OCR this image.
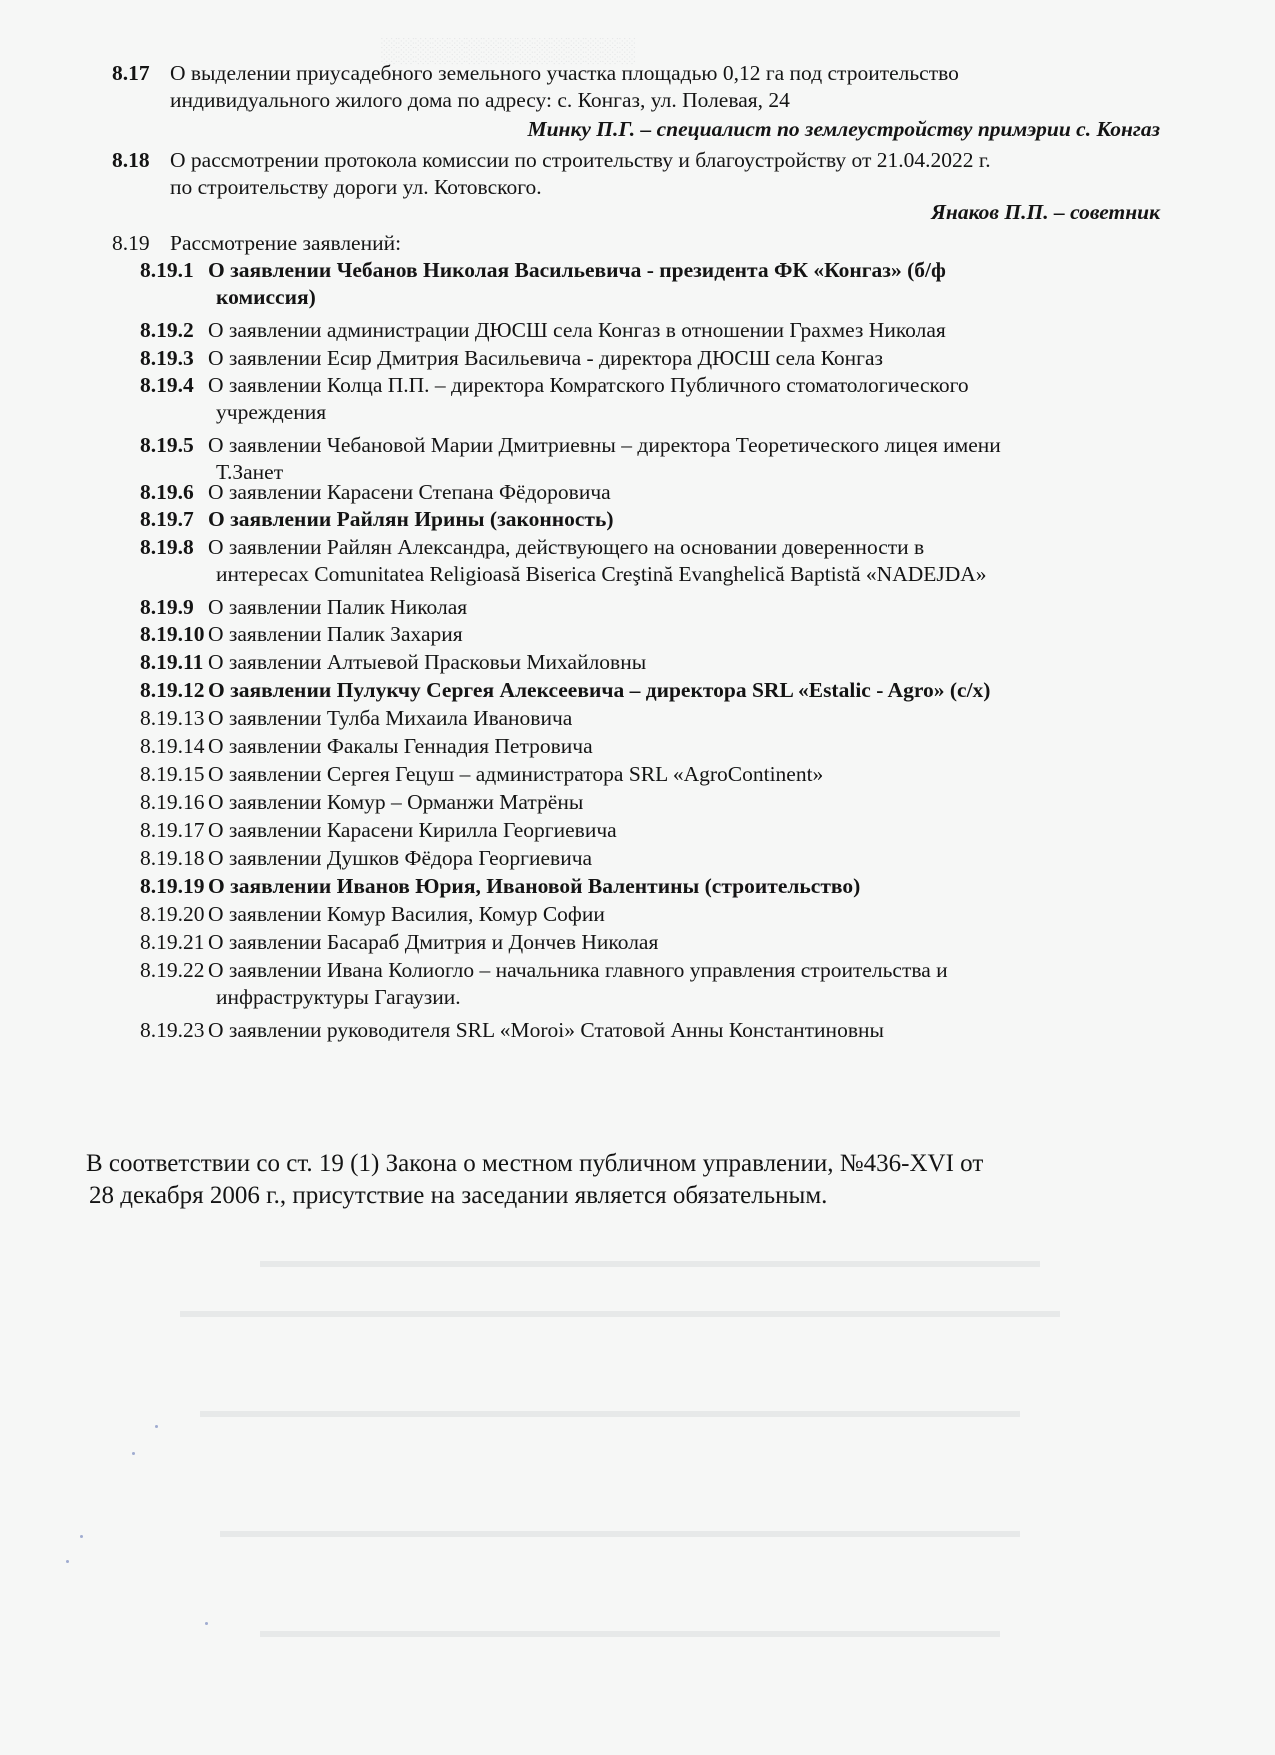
░░░░░░░░░░░░░░░
▬▬▬▬▬▬▬▬▬▬▬▬▬▬▬▬▬▬▬▬▬▬▬▬▬▬▬▬▬▬▬▬▬▬▬▬▬▬▬
▬▬▬▬▬▬▬▬▬▬▬▬▬▬▬▬▬▬▬▬▬▬▬▬▬▬▬▬▬▬▬▬▬▬▬▬▬▬▬▬▬▬▬▬
▬▬▬▬▬▬▬▬▬▬▬▬▬▬▬▬▬▬▬▬▬▬▬▬▬▬▬▬▬▬▬▬▬▬▬▬▬▬▬▬▬
▬▬▬▬▬▬▬▬▬▬▬▬▬▬▬▬▬▬▬▬▬▬▬▬▬▬▬▬▬▬▬▬▬▬▬▬▬▬▬▬
▬▬▬▬▬▬▬▬▬▬▬▬▬▬▬▬▬▬▬▬▬▬▬▬▬▬▬▬▬▬▬▬▬▬▬▬▬
8.17 О выделении приусадебного земельного участка площадью 0,12 га под строительство
индивидуального жилого дома по адресу: с. Конгаз, ул. Полевая, 24
Минку П.Г. – специалист по землеустройству примэрии с. Конгаз
8.18 О рассмотрении протокола комиссии по строительству и благоустройству от 21.04.2022 г.
по строительству дороги ул. Котовского.
Янаков П.П. – советник
8.19 Рассмотрение заявлений:
8.19.1 О заявлении Чебанов Николая Васильевича - президента ФК «Конгаз» (б/ф
комиссия)
8.19.2 О заявлении администрации ДЮСШ села Конгаз в отношении Грахмез Николая
8.19.3 О заявлении Есир Дмитрия Васильевича - директора ДЮСШ села Конгаз
8.19.4 О заявлении Колца П.П. – директора Комратского Публичного стоматологического
учреждения
8.19.5 О заявлении Чебановой Марии Дмитриевны – директора Теоретического лицея имени
Т.Занет
8.19.6 О заявлении Карасени Степана Фёдоровича
8.19.7 О заявлении Райлян Ирины (законность)
8.19.8 О заявлении Райлян Александра, действующего на основании доверенности в
интересах Comunitatea Religioasă Biserica Creştină Evanghelică Baptistă «NADEJDA»
8.19.9 О заявлении Палик Николая
8.19.10 О заявлении Палик Захария
8.19.11 О заявлении Алтыевой Прасковьи Михайловны
8.19.12 О заявлении Пулукчу Сергея Алексеевича – директора SRL «Estalic - Agro» (с/х)
8.19.13 О заявлении Тулба Михаила Ивановича
8.19.14 О заявлении Факалы Геннадия Петровича
8.19.15 О заявлении Сергея Гецуш – администратора SRL «AgroContinent»
8.19.16 О заявлении Комур – Орманжи Матрёны
8.19.17 О заявлении Карасени Кирилла Георгиевича
8.19.18 О заявлении Душков Фёдора Георгиевича
8.19.19 О заявлении Иванов Юрия, Ивановой Валентины (строительство)
8.19.20 О заявлении Комур Василия, Комур Софии
8.19.21 О заявлении Басараб Дмитрия и Дончев Николая
8.19.22 О заявлении Ивана Колиогло – начальника главного управления строительства и
инфраструктуры Гагаузии.
8.19.23 О заявлении руководителя SRL «Moroi» Статовой Анны Константиновны
В соответствии со ст. 19 (1) Закона о местном публичном управлении, №436-XVI от
28 декабря 2006 г., присутствие на заседании является обязательным.
